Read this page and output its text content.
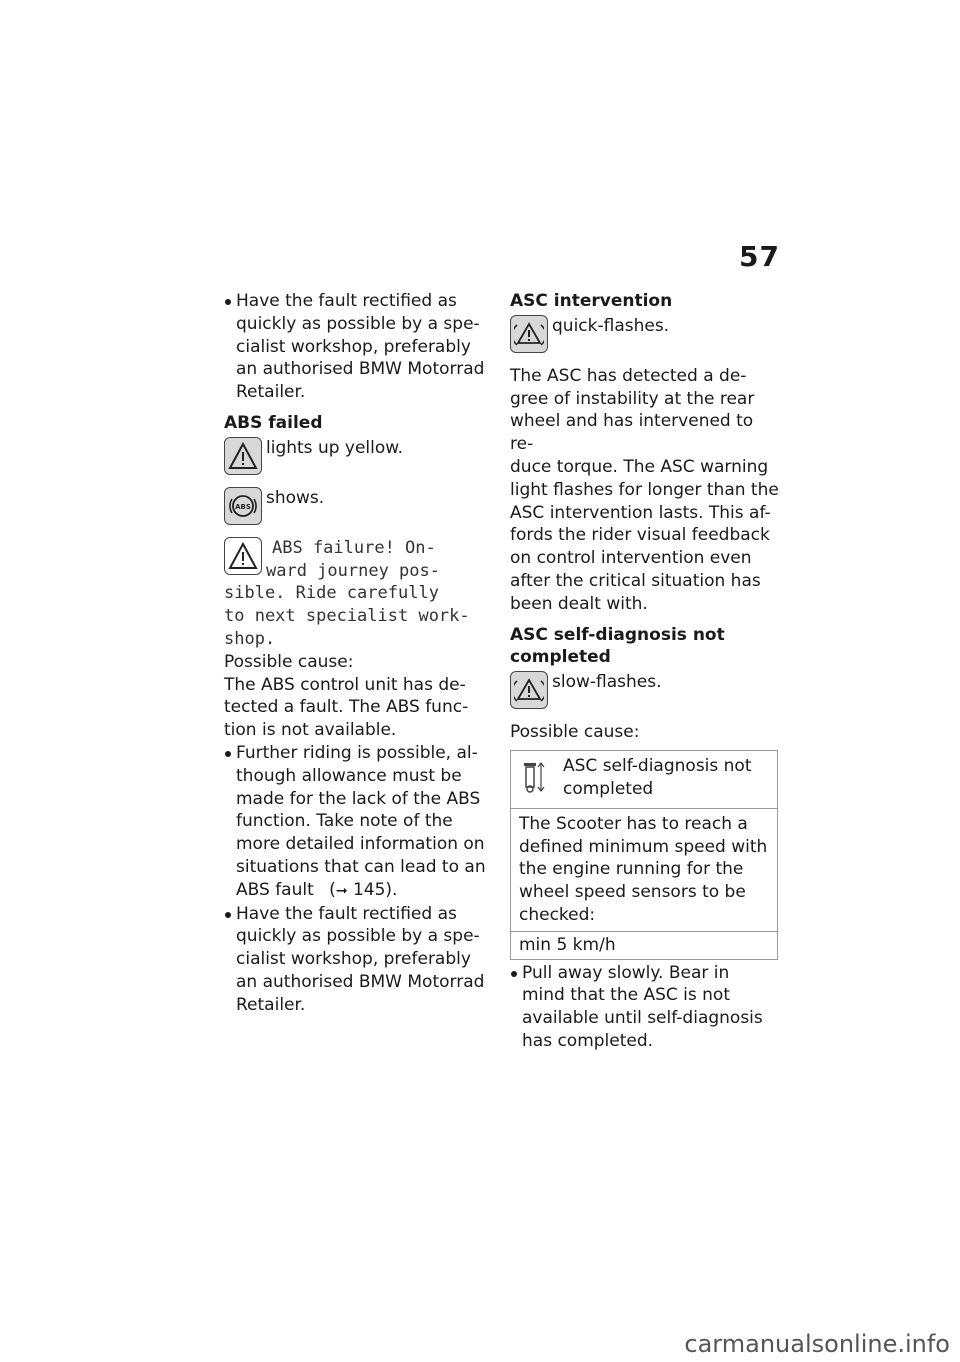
57
Have the fault rectified as
quickly as possible by a spe-
cialist workshop, preferably
an authorised BMW Motorrad
Retailer.
ABS failed
lights up yellow.
ABS shows.
ABS failure! On-
ward journey pos-
sible. Ride carefully
to next specialist work-
shop.
Possible cause:
The ABS control unit has de-
tected a fault. The ABS func-
tion is not available.
Further riding is possible, al-
though allowance must be
made for the lack of the ABS
function. Take note of the
more detailed information on
situations that can lead to an
ABS fault (➞ 145).
Have the fault rectified as
quickly as possible by a spe-
cialist workshop, preferably
an authorised BMW Motorrad
Retailer.
ASC intervention
quick-flashes.
The ASC has detected a de-
gree of instability at the rear
wheel and has intervened to re-
duce torque. The ASC warning
light flashes for longer than the
ASC intervention lasts. This af-
fords the rider visual feedback
on control intervention even
after the critical situation has
been dealt with.
ASC self-diagnosis not
completed
slow-flashes.
Possible cause:
ASC self-diagnosis not
completed
The Scooter has to reach a
defined minimum speed with
the engine running for the
wheel speed sensors to be
checked:
min 5 km/h
Pull away slowly. Bear in
mind that the ASC is not
available until self-diagnosis
has completed.
carmanualsonline.info
